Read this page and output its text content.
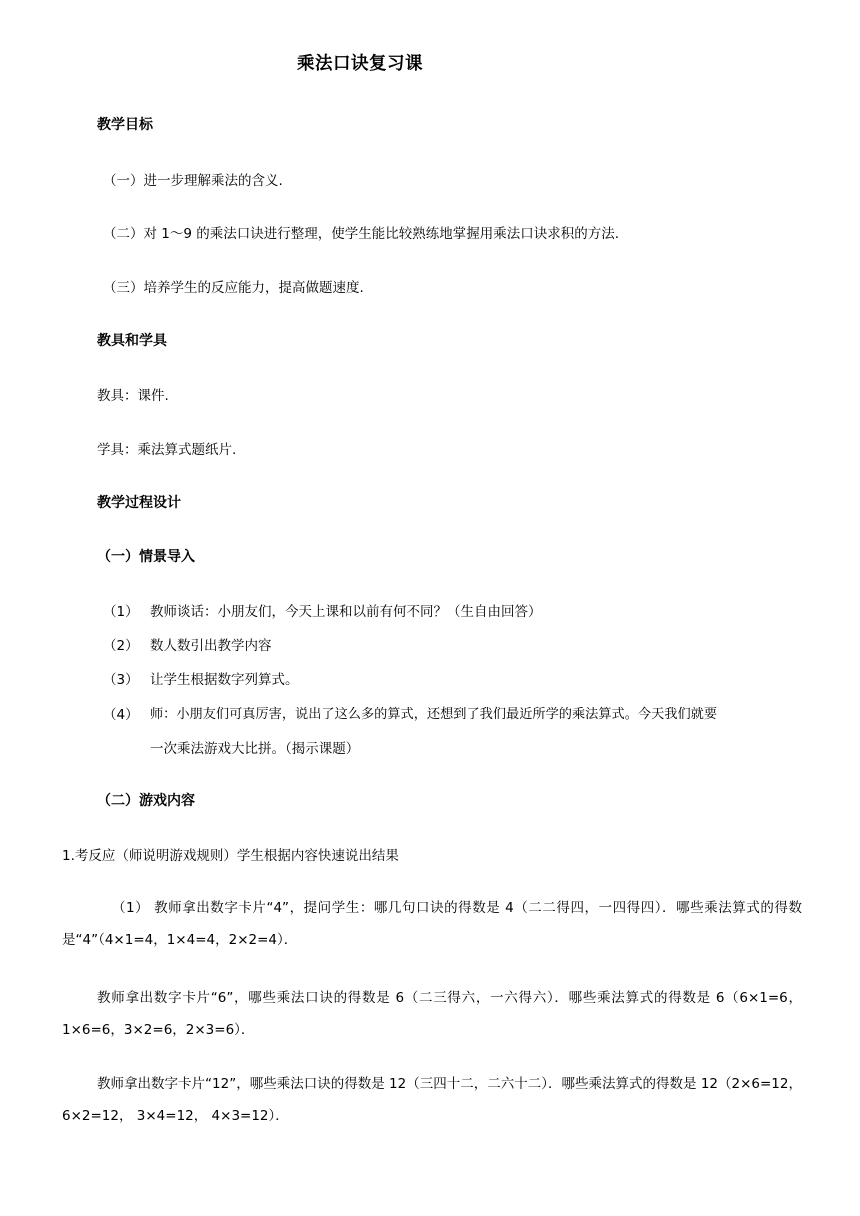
乘法口诀复习课
教学目标
（一）进一步理解乘法的含义.
（二）对 1～9 的乘法口诀进行整理，使学生能比较熟练地掌握用乘法口诀求积的方法.
（三）培养学生的反应能力，提高做题速度.
教具和学具
教具：课件.
学具：乘法算式题纸片.
教学过程设计
（一）情景导入
（1） 教师谈话：小朋友们，今天上课和以前有何不同？（生自由回答）
（2） 数人数引出教学内容
（3） 让学生根据数字列算式。
（4） 师：小朋友们可真厉害，说出了这么多的算式，还想到了我们最近所学的乘法算式。今天我们就要
一次乘法游戏大比拼。（揭示课题）
（二）游戏内容
1.考反应（师说明游戏规则）学生根据内容快速说出结果
（1） 教师拿出数字卡片“4”，提问学生：哪几句口诀的得数是 4（二二得四，一四得四）．哪些乘法算式的得数是“4”（4×1=4，1×4=4，2×2=4）．
教师拿出数字卡片“6”，哪些乘法口诀的得数是 6（二三得六，一六得六）．哪些乘法算式的得数是 6（6×1=6，1×6=6，3×2=6，2×3=6）．
教师拿出数字卡片“12”，哪些乘法口诀的得数是 12（三四十二，二六十二）．哪些乘法算式的得数是 12（2×6=12， 6×2=12， 3×4=12， 4×3=12）．
